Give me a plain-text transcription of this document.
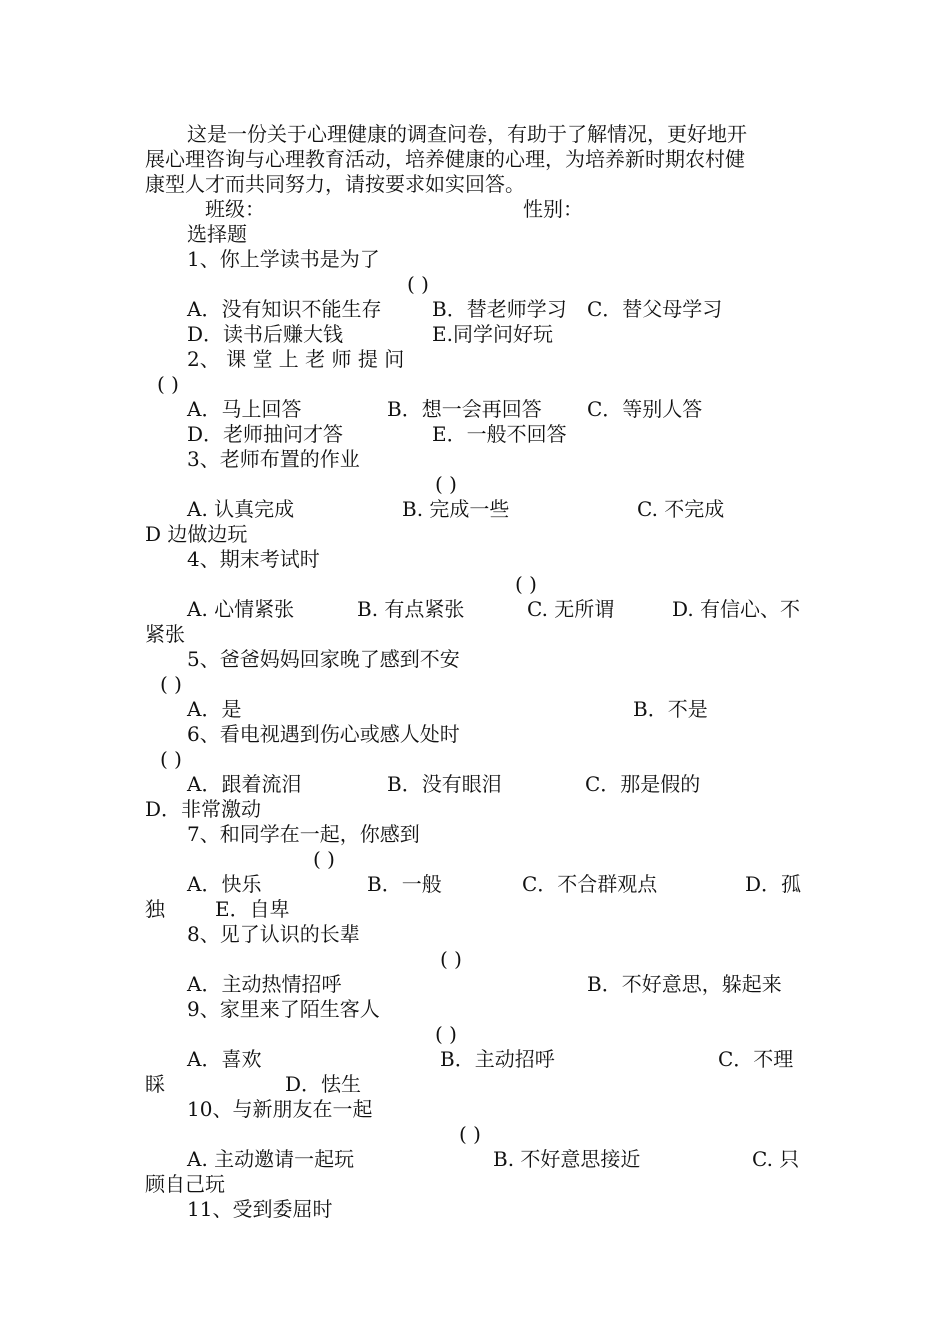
这是一份关于心理健康的调查问卷，有助于了解情况，更好地开
展心理咨询与心理教育活动，培养健康的心理，为培养新时期农村健
康型人才而共同努力，请按要求如实回答。
班级：	性别：
选择题
1、你上学读书是为了
( )
A．没有知识不能生存	B．替老师学习 C．替父母学习
D．读书后赚大钱	E.同学问好玩
2、 课 堂 上 老 师 提 问
( )
A．马上回答	B．想一会再回答 C．等别人答
D．老师抽问才答	E．一般不回答
3、老师布置的作业
( )
A. 认真完成	B. 完成一些	C. 不完成
D 边做边玩
4、期末考试时
( )
A. 心情紧张	B. 有点紧张	C. 无所谓	D. 有信心、不
紧张
5、爸爸妈妈回家晚了感到不安
( )
A．是	B．不是
6、看电视遇到伤心或感人处时
( )
A．跟着流泪	B．没有眼泪	C．那是假的
D．非常激动
7、和同学在一起，你感到
( )
A．快乐	B．一般	C．不合群观点	D．孤
独	E．自卑
8、见了认识的长辈
( )
A．主动热情招呼	B．不好意思，躲起来
9、家里来了陌生客人
( )
A．喜欢	B．主动招呼	C．不理
睬	D．怯生
10、与新朋友在一起
( )
A. 主动邀请一起玩	B. 不好意思接近	C. 只
顾自己玩
11、受到委屈时
